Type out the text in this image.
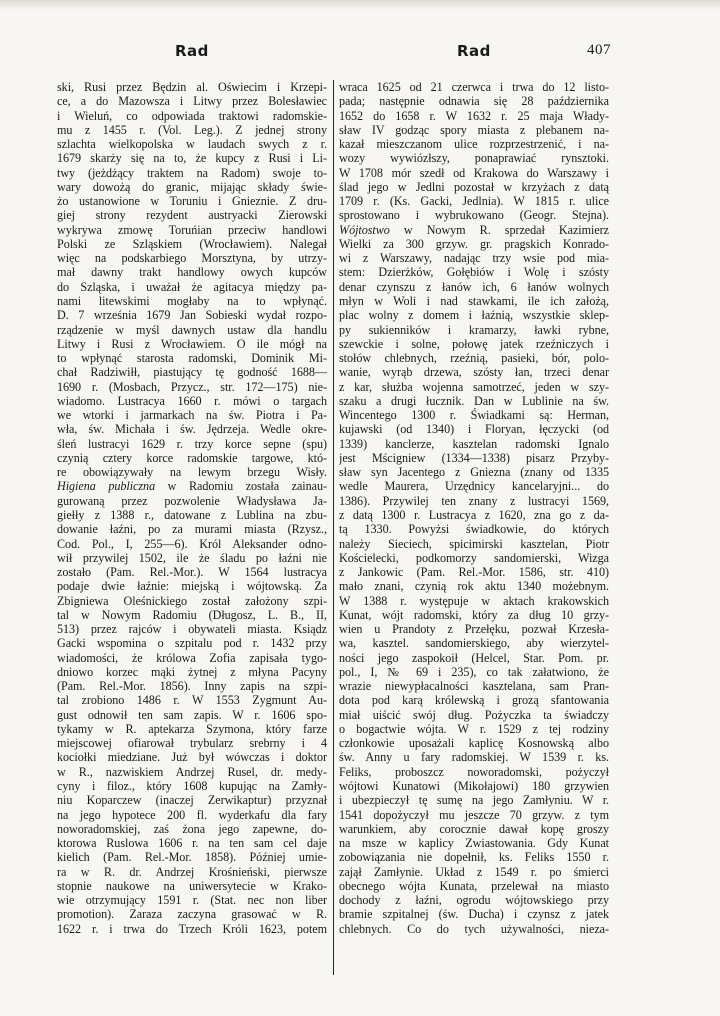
Rad	Rad	407
ski, Rusi przez Będzin al. Oświecim i Krzepi-
ce, a do Mazowsza i Litwy przez Bolesławiec
i Wieluń, co odpowiada traktowi radomskie-
mu z 1455 r. (Vol. Leg.). Z jednej strony
szlachta wielkopolska w laudach swych z r.
1679 skarży się na to, że kupcy z Rusi i Li-
twy (jeżdżący traktem na Radom) swoje to-
wary dowożą do granic, mijając składy świe-
żo ustanowione w Toruniu i Gnieznie. Z dru-
giej strony rezydent austryacki Zierowski
wykrywa zmowę Toruńian przeciw handlowi
Polski ze Szląskiem (Wrocławiem). Nalegał
więc na podskarbiego Morsztyna, by utrzy-
mał dawny trakt handlowy owych kupców
do Szląska, i uważał że agitacya między pa-
nami litewskimi mogłaby na to wpłynąć.
D. 7 września 1679 Jan Sobieski wydał rozpo-
rządzenie w myśl dawnych ustaw dla handlu
Litwy i Rusi z Wrocławiem. O ile mógł na
to wpłynąć starosta radomski, Dominik Mi-
chał Radziwiłł, piastujący tę godność 1688—
1690 r. (Mosbach, Przycz., str. 172—175) nie-
wiadomo. Lustracya 1660 r. mówi o targach
we wtorki i jarmarkach na św. Piotra i Pa-
wła, św. Michała i św. Jędrzeja. Wedle okre-
śleń lustracyi 1629 r. trzy korce sepne (spu)
czynią cztery korce radomskie targowe, któ-
re obowiązywały na lewym brzegu Wisły.
Higiena publiczna w Radomiu została zainau-
gurowaną przez pozwolenie Władysława Ja-
giełły z 1388 r., datowane z Lublina na zbu-
dowanie łaźni, po za murami miasta (Rzysz.,
Cod. Pol., I, 255—6). Król Aleksander odno-
wił przywilej 1502, ile że śladu po łaźni nie
zostało (Pam. Rel.-Mor.). W 1564 lustracya
podaje dwie łaźnie: miejską i wójtowską. Za
Zbigniewa Oleśnickiego został założony szpi-
tal w Nowym Radomiu (Długosz, L. B., II,
513) przez rajców i obywateli miasta. Ksiądz
Gacki wspomina o szpitalu pod r. 1432 przy
wiadomości, że królowa Zofia zapisała tygo-
dniowo korzec mąki żytnej z młyna Pacyny
(Pam. Rel.-Mor. 1856). Inny zapis na szpi-
tal zrobiono 1486 r. W 1553 Zygmunt Au-
gust odnowił ten sam zapis. W r. 1606 spo-
tykamy w R. aptekarza Szymona, który farze
miejscowej ofiarował trybularz srebrny i 4
kociołki miedziane. Już był wówczas i doktor
w R., nazwiskiem Andrzej Rusel, dr. medy-
cyny i filoz., który 1608 kupując na Zamły-
niu Koparczew (inaczej Zerwikaptur) przyznał
na jego hypotece 200 fl. wyderkafu dla fary
noworadomskiej, zaś żona jego zapewne, do-
ktorowa Ruslowa 1606 r. na ten sam cel daje
kielich (Pam. Rel.-Mor. 1858). Później umie-
ra w R. dr. Andrzej Krośnieński, pierwsze
stopnie naukowe na uniwersytecie w Krako-
wie otrzymujący 1591 r. (Stat. nec non liber
promotion). Zaraza zaczyna grasować w R.
1622 r. i trwa do Trzech Króli 1623, potem
wraca 1625 od 21 czerwca i trwa do 12 listo-
pada; następnie odnawia się 28 października
1652 do 1658 r. W 1632 r. 25 maja Włady-
sław IV godząc spory miasta z plebanem na-
kazał mieszczanom ulice rozprzestrzenić, i na-
wozy wywiózłszy, ponaprawiać rynsztoki.
W 1708 mór szedł od Krakowa do Warszawy i
ślad jego w Jedlni pozostał w krzyżach z datą
1709 r. (Ks. Gacki, Jedlnia). W 1815 r. ulice
sprostowano i wybrukowano (Geogr. Stejna).
Wójtostwo w Nowym R. sprzedał Kazimierz
Wielki za 300 grzyw. gr. pragskich Konrado-
wi z Warszawy, nadając trzy wsie pod mia-
stem: Dzierżków, Gołębiów i Wolę i szósty
denar czynszu z łanów ich, 6 łanów wolnych
młyn w Woli i nad stawkami, ile ich założą,
plac wolny z domem i łaźnią, wszystkie sklep-
py sukienników i kramarzy, ławki rybne,
szewckie i solne, połowę jatek rzeźniczych i
stołów chlebnych, rzeźnią, pasieki, bór, polo-
wanie, wyrąb drzewa, szósty łan, trzeci denar
z kar, służba wojenna samotrzeć, jeden w szy-
szaku a drugi łucznik. Dan w Lublinie na św.
Wincentego 1300 r. Świadkami są: Herman,
kujawski (od 1340) i Floryan, łęczycki (od
1339) kanclerze, kasztelan radomski Ignalo
jest Mścigniew (1334—1338) pisarz Przyby-
sław syn Jacentego z Gniezna (znany od 1335
wedle Maurera, Urzędnicy kancelaryjni... do
1386). Przywilej ten znany z lustracyi 1569,
z datą 1300 r. Lustracya z 1620, zna go z da-
tą 1330. Powyżsi świadkowie, do których
należy Sieciech, spicimirski kasztelan, Piotr
Kościelecki, podkomorzy sandomierski, Wizga
z Jankowic (Pam. Rel.-Mor. 1586, str. 410)
mało znani, czynią rok aktu 1340 możebnym.
W 1388 r. występuje w aktach krakowskich
Kunat, wójt radomski, który za dług 10 grzy-
wien u Prandoty z Przełęku, pozwał Krzesła-
wa, kasztel. sandomierskiego, aby wierzytel-
ności jego zaspokoił (Helcel, Star. Pom. pr.
pol., I, № 69 i 235), co tak załatwiono, że
wrazie niewypłacalności kasztelana, sam Pran-
dota pod karą królewską i grozą sfantowania
miał uiścić swój dług. Pożyczka ta świadczy
o bogactwie wójta. W r. 1529 z tej rodziny
członkowie uposażali kaplicę Kosnowską albo
św. Anny u fary radomskiej. W 1539 r. ks.
Feliks, proboszcz noworadomski, pożyczył
wójtowi Kunatowi (Mikołajowi) 180 grzywien
i ubezpieczył tę sumę na jego Zamłyniu. W r.
1541 dopożyczył mu jeszcze 70 grzyw. z tym
warunkiem, aby corocznie dawał kopę groszy
na msze w kaplicy Zwiastowania. Gdy Kunat
zobowiązania nie dopełnił, ks. Feliks 1550 r.
zajął Zamłynie. Układ z 1549 r. po śmierci
obecnego wójta Kunata, przelewał na miasto
dochody z łaźni, ogrodu wójtowskiego przy
bramie szpitalnej (św. Ducha) i czynsz z jatek
chlebnych. Co do tych używalności, nieza-
